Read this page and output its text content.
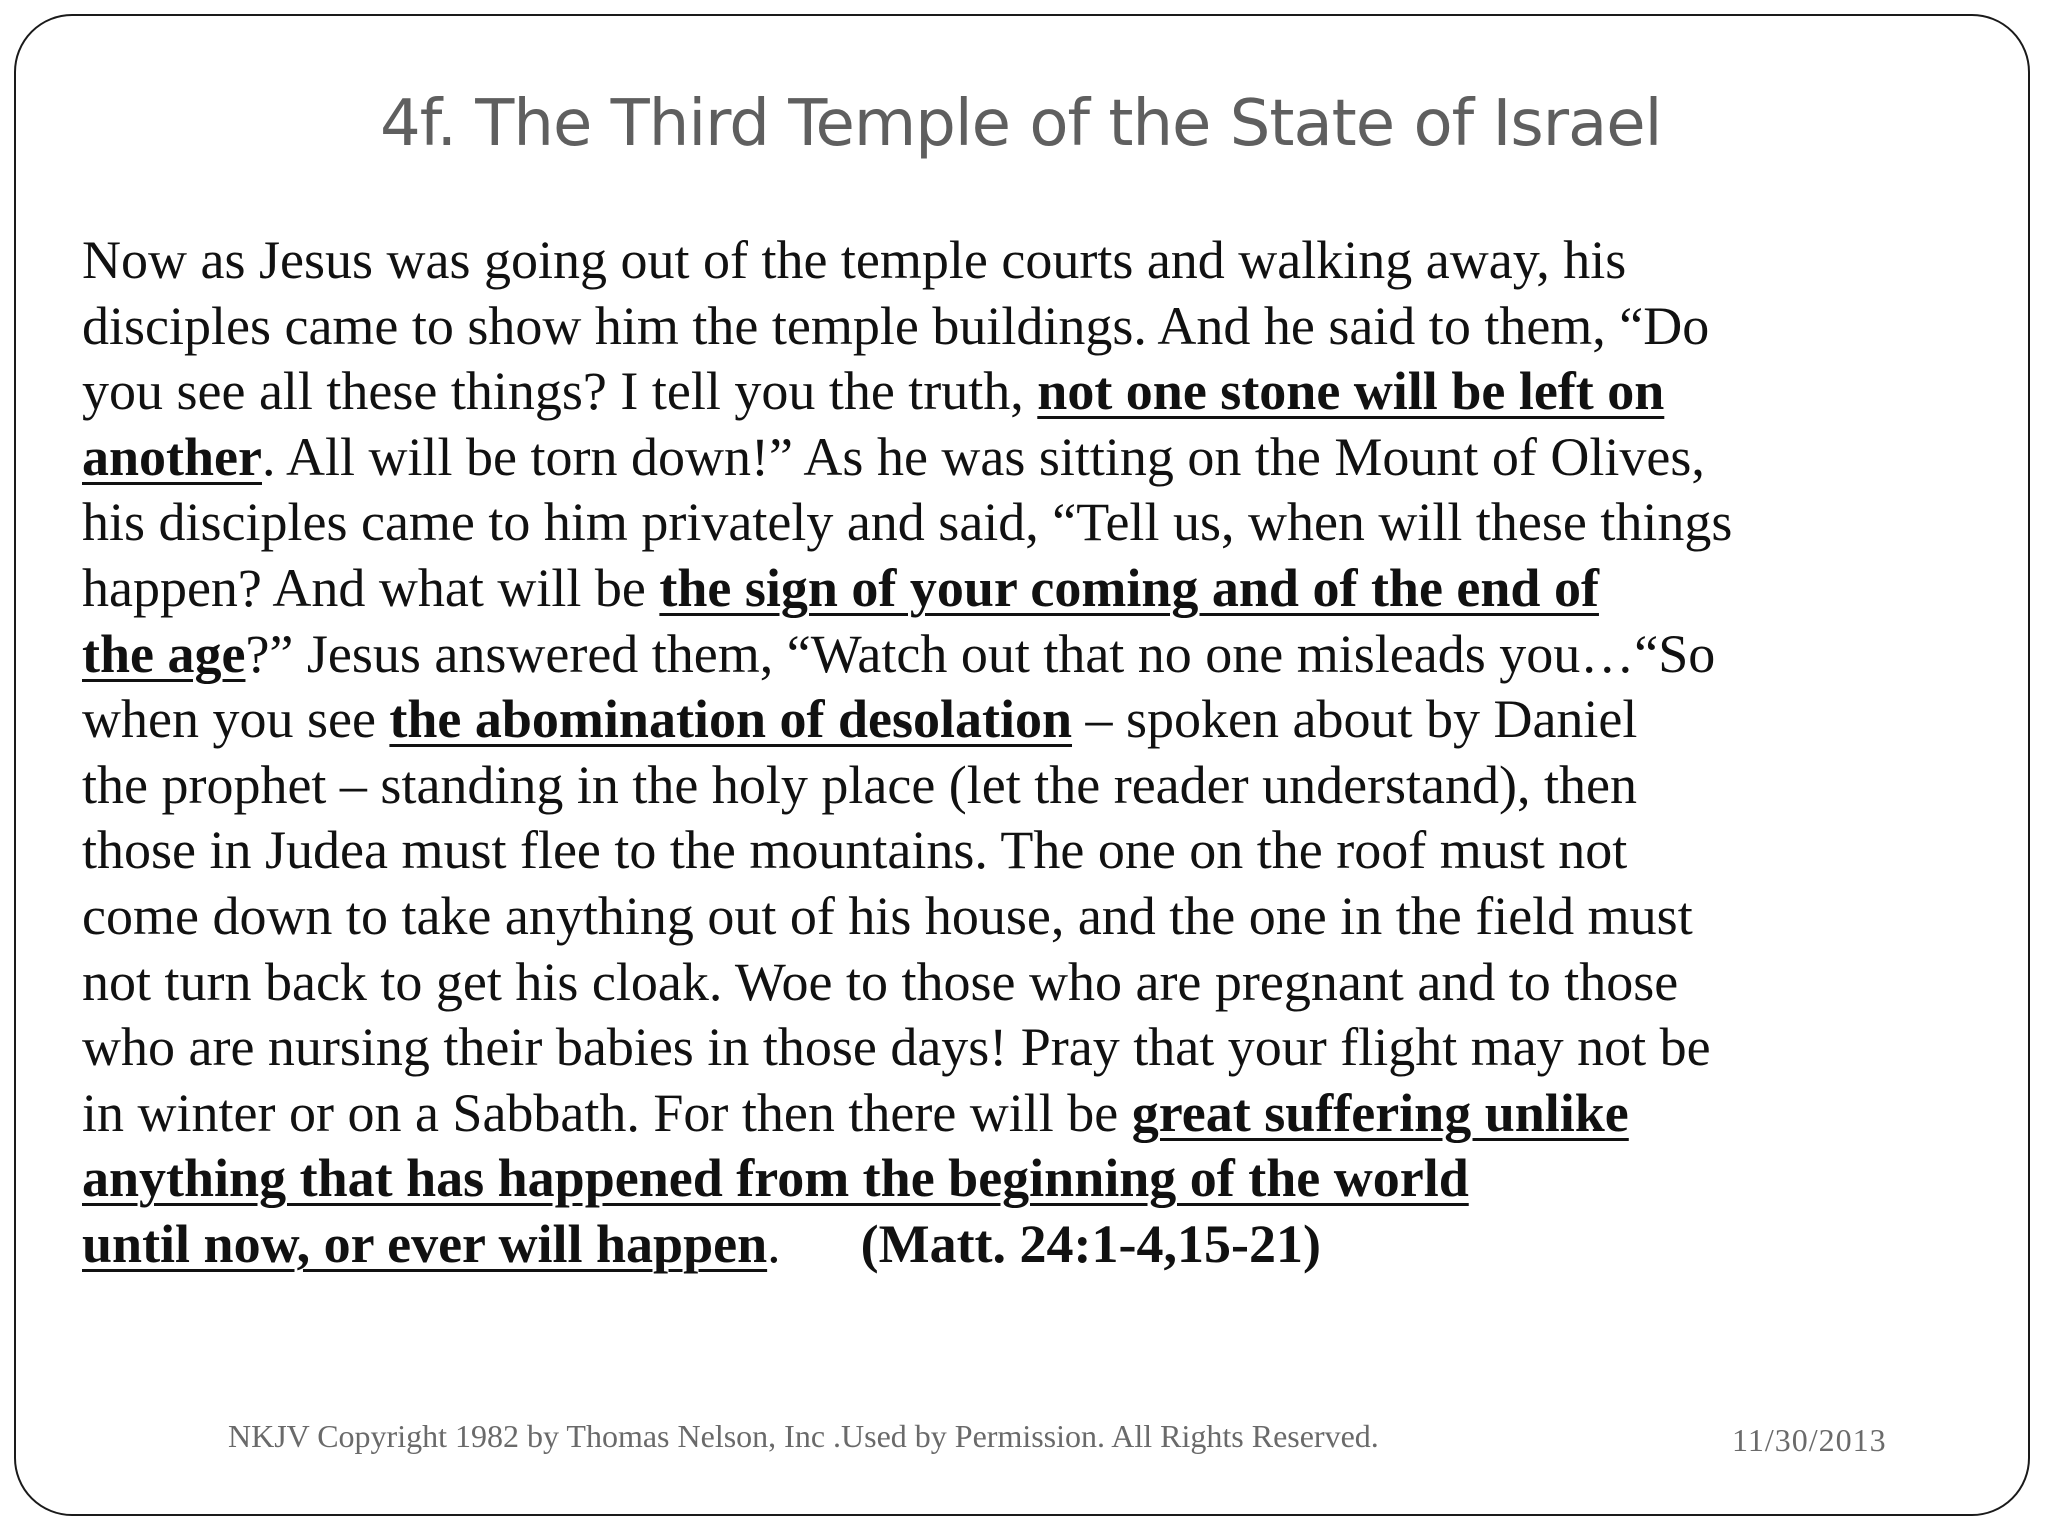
4f. The Third Temple of the State of Israel
Now as Jesus was going out of the temple courts and walking away, his
disciples came to show him the temple buildings. And he said to them, “Do
you see all these things? I tell you the truth, not one stone will be left on
another. All will be torn down!” As he was sitting on the Mount of Olives,
his disciples came to him privately and said, “Tell us, when will these things
happen? And what will be the sign of your coming and of the end of
the age?” Jesus answered them, “Watch out that no one misleads you…“So
when you see the abomination of desolation – spoken about by Daniel
the prophet – standing in the holy place (let the reader understand), then
those in Judea must flee to the mountains. The one on the roof must not
come down to take anything out of his house, and the one in the field must
not turn back to get his cloak. Woe to those who are pregnant and to those
who are nursing their babies in those days! Pray that your flight may not be
in winter or on a Sabbath. For then there will be great suffering unlike
anything that has happened from the beginning of the world
until now, or ever will happen. (Matt. 24:1-4,15-21)
NKJV Copyright 1982 by Thomas Nelson, Inc .Used by Permission. All Rights Reserved.	11/30/2013
